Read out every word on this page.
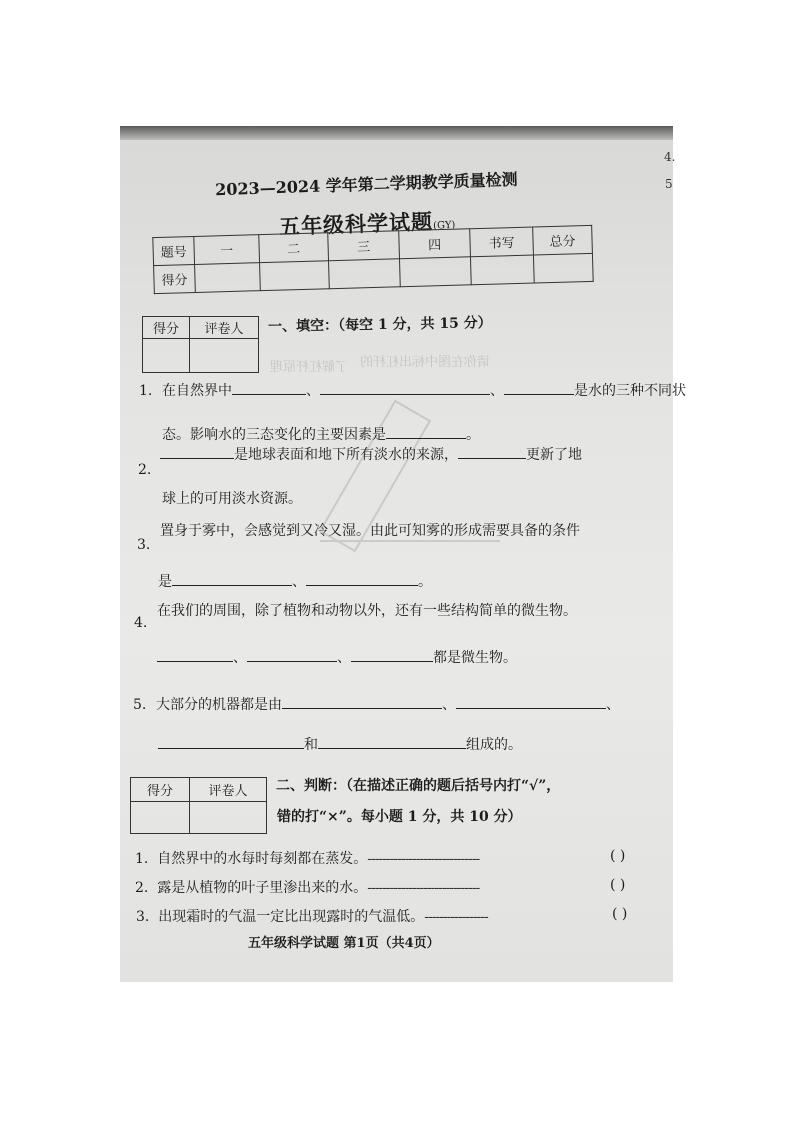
了解杠杆原理 请你在图中标出杠杆的
4.
5
2023—2024 学年第二学期教学质量检测
五年级科学试题(GY)
题号	一	二	三	四	书写	总分
得分						
得分	评卷人
	一、填空：（每空 1 分，共 15 分）
1. 在自然界中	、	、	是水的三种不同状
态。影响水的三态变化的主要因素是	。
2.
是地球表面和地下所有淡水的来源，	更新了地
球上的可用淡水资源。
3.
置身于雾中，会感觉到又冷又湿。由此可知雾的形成需要具备的条件
是	、	。
4.
在我们的周围，除了植物和动物以外，还有一些结构简单的微生物。
、	、	都是微生物。
5. 大部分的机器都是由	、	、
和	组成的。
得分	评卷人
	二、判断：（在描述正确的题后括号内打“√”，
错的打“×”。每小题 1 分，共 10 分）
1. 自然界中的水每时每刻都在蒸发。------------------------------	( )
2. 露是从植物的叶子里渗出来的水。------------------------------	( )
3. 出现霜时的气温一定比出现露时的气温低。-----------------	( )
五年级科学试题 第1页（共4页）
